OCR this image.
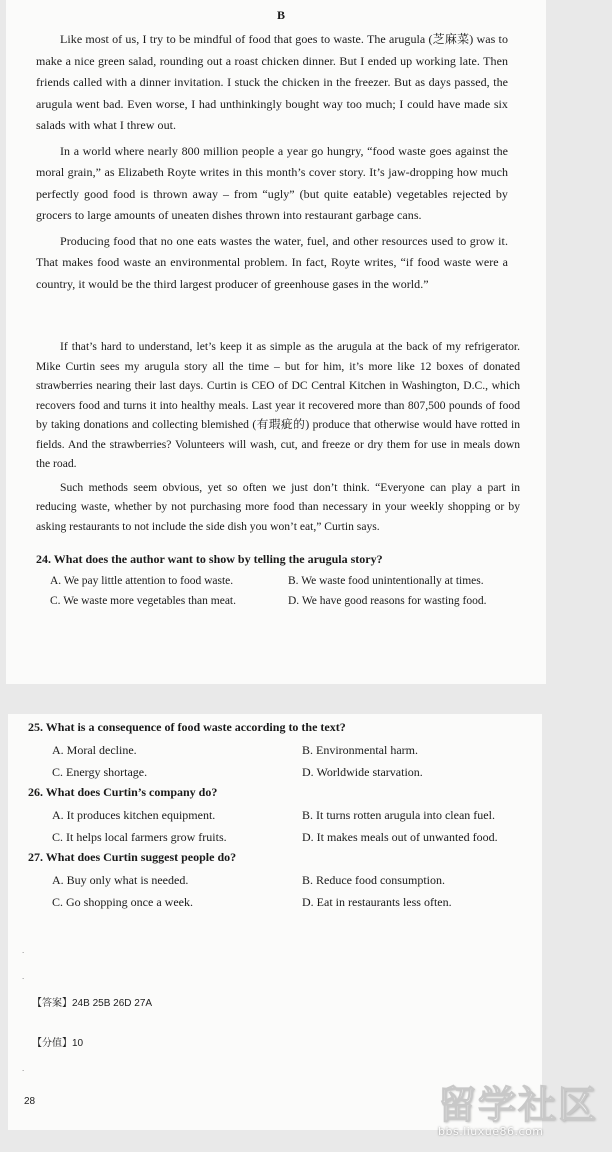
B

Like most of us, I try to be mindful of food that goes to waste. The arugula (芝麻菜) was to make a nice green salad, rounding out a roast chicken dinner. But I ended up working late. Then friends called with a dinner invitation. I stuck the chicken in the freezer. But as days passed, the arugula went bad. Even worse, I had unthinkingly bought way too much; I could have made six salads with what I threw out.

In a world where nearly 800 million people a year go hungry, “food waste goes against the moral grain,” as Elizabeth Royte writes in this month’s cover story. It’s jaw-dropping how much perfectly good food is thrown away – from “ugly” (but quite eatable) vegetables rejected by grocers to large amounts of uneaten dishes thrown into restaurant garbage cans.

Producing food that no one eats wastes the water, fuel, and other resources used to grow it. That makes food waste an environmental problem. In fact, Royte writes, “if food waste were a country, it would be the third largest producer of greenhouse gases in the world.”

If that’s hard to understand, let’s keep it as simple as the arugula at the back of my refrigerator. Mike Curtin sees my arugula story all the time – but for him, it’s more like 12 boxes of donated strawberries nearing their last days. Curtin is CEO of DC Central Kitchen in Washington, D.C., which recovers food and turns it into healthy meals. Last year it recovered more than 807,500 pounds of food by taking donations and collecting blemished (有瑕疵的) produce that otherwise would have rotted in fields. And the strawberries? Volunteers will wash, cut, and freeze or dry them for use in meals down the road.

Such methods seem obvious, yet so often we just don’t think. “Everyone can play a part in reducing waste, whether by not purchasing more food than necessary in your weekly shopping or by asking restaurants to not include the side dish you won’t eat,” Curtin says.

24. What does the author want to show by telling the arugula story?

A. We pay little attention to food waste.	B. We waste food unintentionally at times.
C. We waste more vegetables than meat.	D. We have good reasons for wasting food.

25. What is a consequence of food waste according to the text?

A. Moral decline.	B. Environmental harm.
C. Energy shortage.	D. Worldwide starvation.

26. What does Curtin’s company do?

A. It produces kitchen equipment.	B. It turns rotten arugula into clean fuel.
C. It helps local farmers grow fruits.	D. It makes meals out of unwanted food.

27. What does Curtin suggest people do?

A. Buy only what is needed.	B. Reduce food consumption.
C. Go shopping once a week.	D. Eat in restaurants less often.
.
.
【答案】24B 25B 26D 27A
【分值】10
.
28	留学社区
bbs.liuxue86.com
